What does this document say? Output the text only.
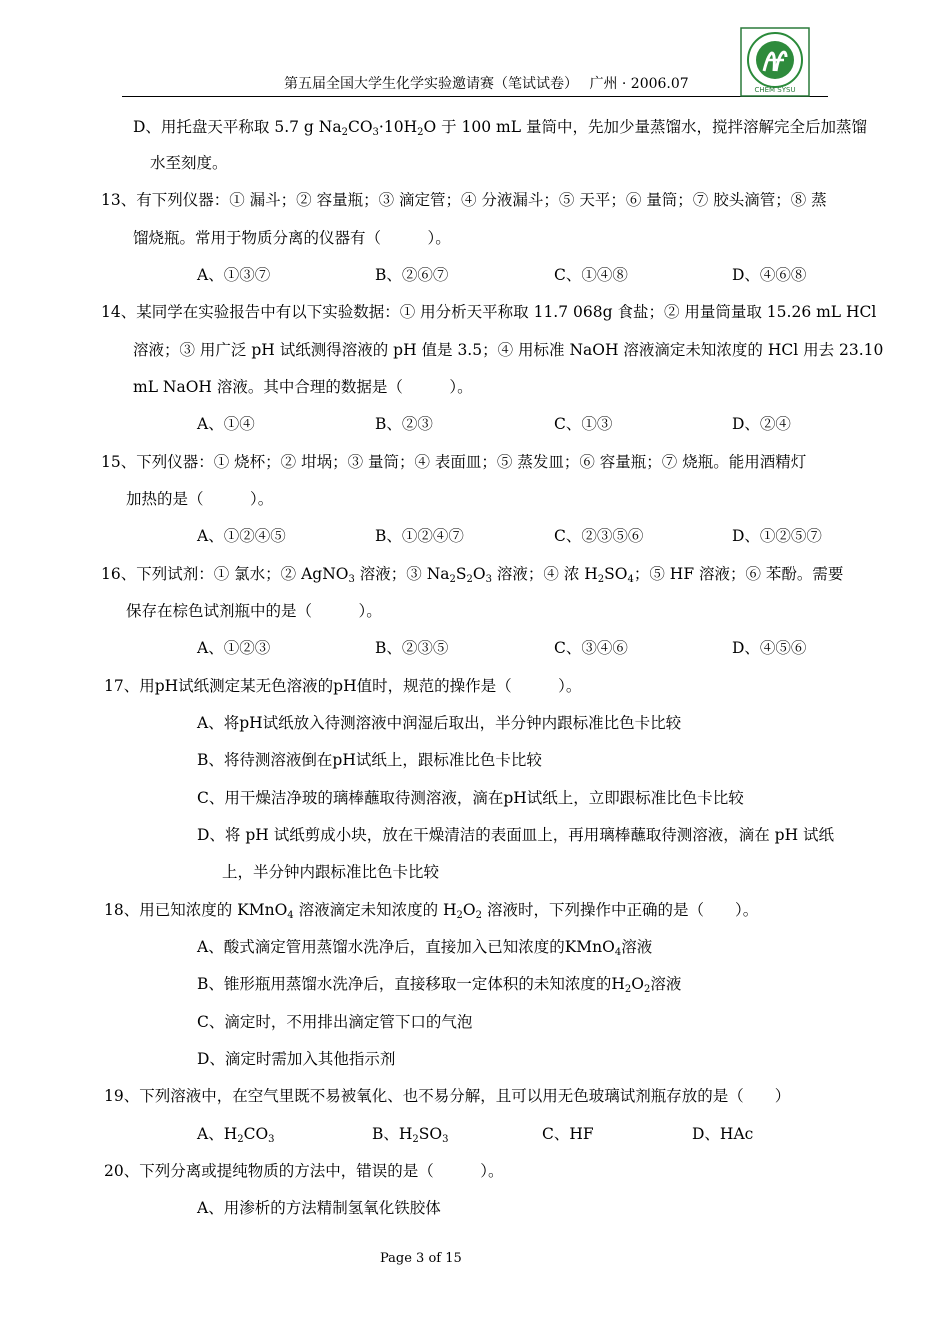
第五届全国大学生化学实验邀请赛（笔试试卷）　 广州 · 2006.07	CHEM SYSU
D、用托盘天平称取 5.7 g $Na_2CO_3\cdot 10H_2O$ 于 100 mL 量筒中，先加少量蒸馏水，搅拌溶解完全后加蒸馏
水至刻度。
13、有下列仪器：① 漏斗；② 容量瓶；③ 滴定管；④ 分液漏斗；⑤ 天平；⑥ 量筒；⑦ 胶头滴管；⑧ 蒸
馏烧瓶。常用于物质分离的仪器有（　　　）。
A、①③⑦	B、②⑥⑦	C、①④⑧	D、④⑥⑧
14、某同学在实验报告中有以下实验数据：① 用分析天平称取 11.7 068g 食盐；② 用量筒量取 15.26 mL HCl
溶液；③ 用广泛 pH 试纸测得溶液的 pH 值是 3.5；④ 用标准 NaOH 溶液滴定未知浓度的 HCl 用去 23.10
mL NaOH 溶液。其中合理的数据是（　　　）。
A、①④	B、②③	C、①③	D、②④
15、下列仪器：① 烧杯；② 坩埚；③ 量筒；④ 表面皿；⑤ 蒸发皿；⑥ 容量瓶；⑦ 烧瓶。能用酒精灯
加热的是（　　　）。
A、①②④⑤	B、①②④⑦	C、②③⑤⑥	D、①②⑤⑦
16、下列试剂：① 氯水；② AgNO$_3$ 溶液；③ $Na_2S_2O_3$ 溶液；④ 浓 $H_2SO_4$；⑤ HF 溶液；⑥ 苯酚。需要
保存在棕色试剂瓶中的是（　　　）。
A、①②③	B、②③⑤	C、③④⑥	D、④⑤⑥
17、用pH试纸测定某无色溶液的pH值时，规范的操作是（　　　）。
A、将pH试纸放入待测溶液中润湿后取出，半分钟内跟标准比色卡比较
B、将待测溶液倒在pH试纸上，跟标准比色卡比较
C、用干燥洁净玻的璃棒蘸取待测溶液，滴在pH试纸上，立即跟标准比色卡比较
D、将 pH 试纸剪成小块，放在干燥清洁的表面皿上，再用璃棒蘸取待测溶液，滴在 pH 试纸
上，半分钟内跟标准比色卡比较
18、用已知浓度的 KMnO$_4$ 溶液滴定未知浓度的 $H_2O_2$ 溶液时，下列操作中正确的是（　　）。
A、酸式滴定管用蒸馏水洗净后，直接加入已知浓度的KMnO$_4$溶液
B、锥形瓶用蒸馏水洗净后，直接移取一定体积的未知浓度的$H_2O_2$溶液
C、滴定时，不用排出滴定管下口的气泡
D、滴定时需加入其他指示剂
19、下列溶液中，在空气里既不易被氧化、也不易分解，且可以用无色玻璃试剂瓶存放的是（　　）
A、$H_2CO_3$	B、$H_2SO_3$	C、HF	D、HAc
20、下列分离或提纯物质的方法中，错误的是（　　　）。
A、用渗析的方法精制氢氧化铁胶体
Page 3 of 15
